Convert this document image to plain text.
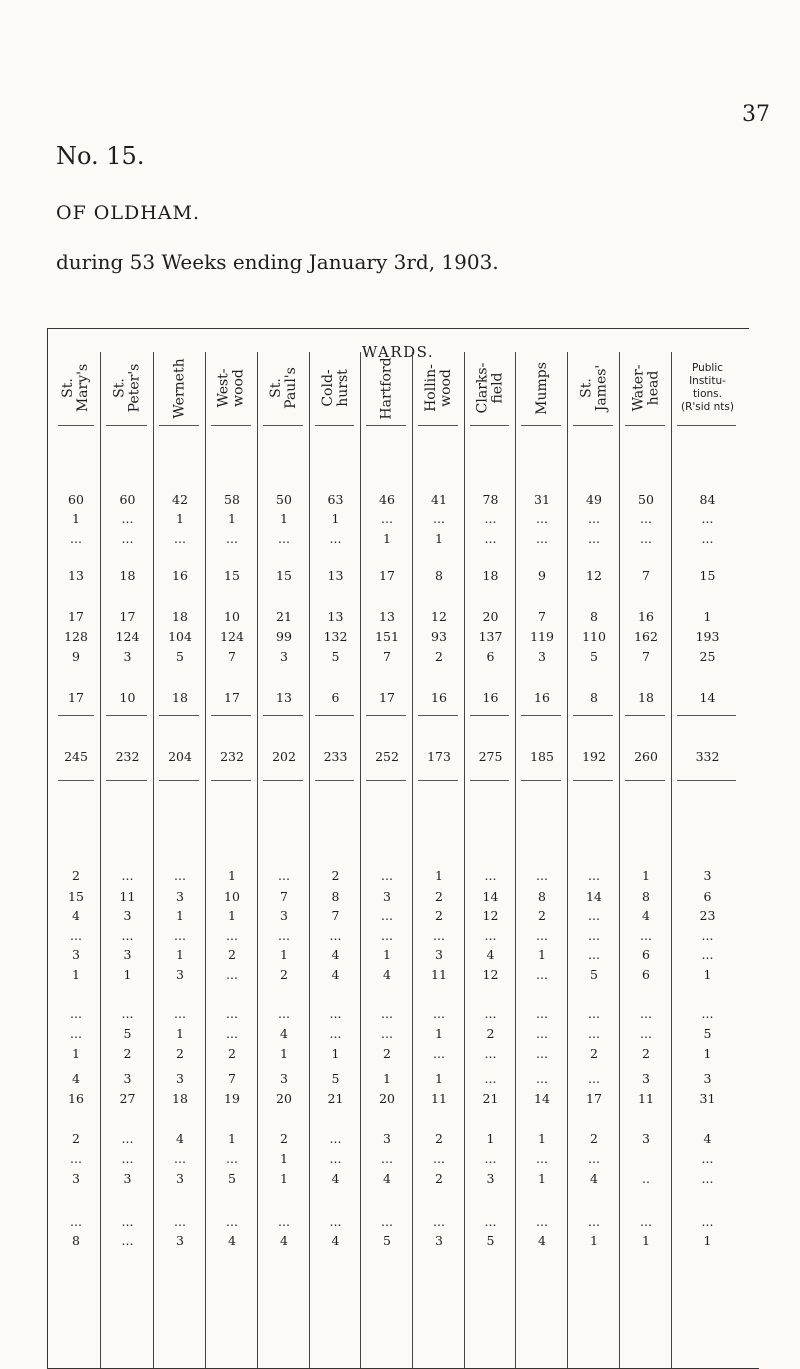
37
No. 15.
OF OLDHAM.
during 53 Weeks ending January 3rd, 1903.
WARDS.
St.
Mary's
60
1
...
13
17
128
9
17
245
2
15
4
...
3
1
...
...
1
4
16
2
...
3
...
8
St.
Peter's
60
...
...
18
17
124
3
10
232
...
11
3
...
3
1
...
5
2
3
27
...
...
3
...
...
Werneth
42
1
...
16
18
104
5
18
204
...
3
1
...
1
3
...
1
2
3
18
4
...
3
...
3
West-
wood
58
1
...
15
10
124
7
17
232
1
10
1
...
2
...
...
...
2
7
19
1
...
5
...
4
St.
Paul's
50
1
...
15
21
99
3
13
202
...
7
3
...
1
2
...
4
1
3
20
2
1
1
...
4
Cold-
hurst
63
1
...
13
13
132
5
6
233
2
8
7
...
4
4
...
...
1
5
21
...
...
4
...
4
Hartford
46
...
1
17
13
151
7
17
252
...
3
...
...
1
4
...
...
2
1
20
3
...
4
...
5
Hollin-
wood
41
...
1
8
12
93
2
16
173
1
2
2
...
3
11
...
1
...
1
11
2
...
2
...
3
Clarks-
field
78
...
...
18
20
137
6
16
275
...
14
12
...
4
12
...
2
...
...
21
1
...
3
...
5
Mumps
31
...
...
9
7
119
3
16
185
...
8
2
...
1
...
...
...
...
...
14
1
...
1
...
4
St.
James'
49
...
...
12
8
110
5
8
192
...
14
...
...
...
5
...
...
2
...
17
2
...
4
...
1
Water-
head
50
...
...
7
16
162
7
18
260
1
8
4
...
6
6
...
...
2
3
11
3
..
...
1
Public
Institu-
tions.
(R'sid nts)
84
...
...
15
1
193
25
14
332
3
6
23
...
...
1
...
5
1
3
31
4
...
...
...
1
